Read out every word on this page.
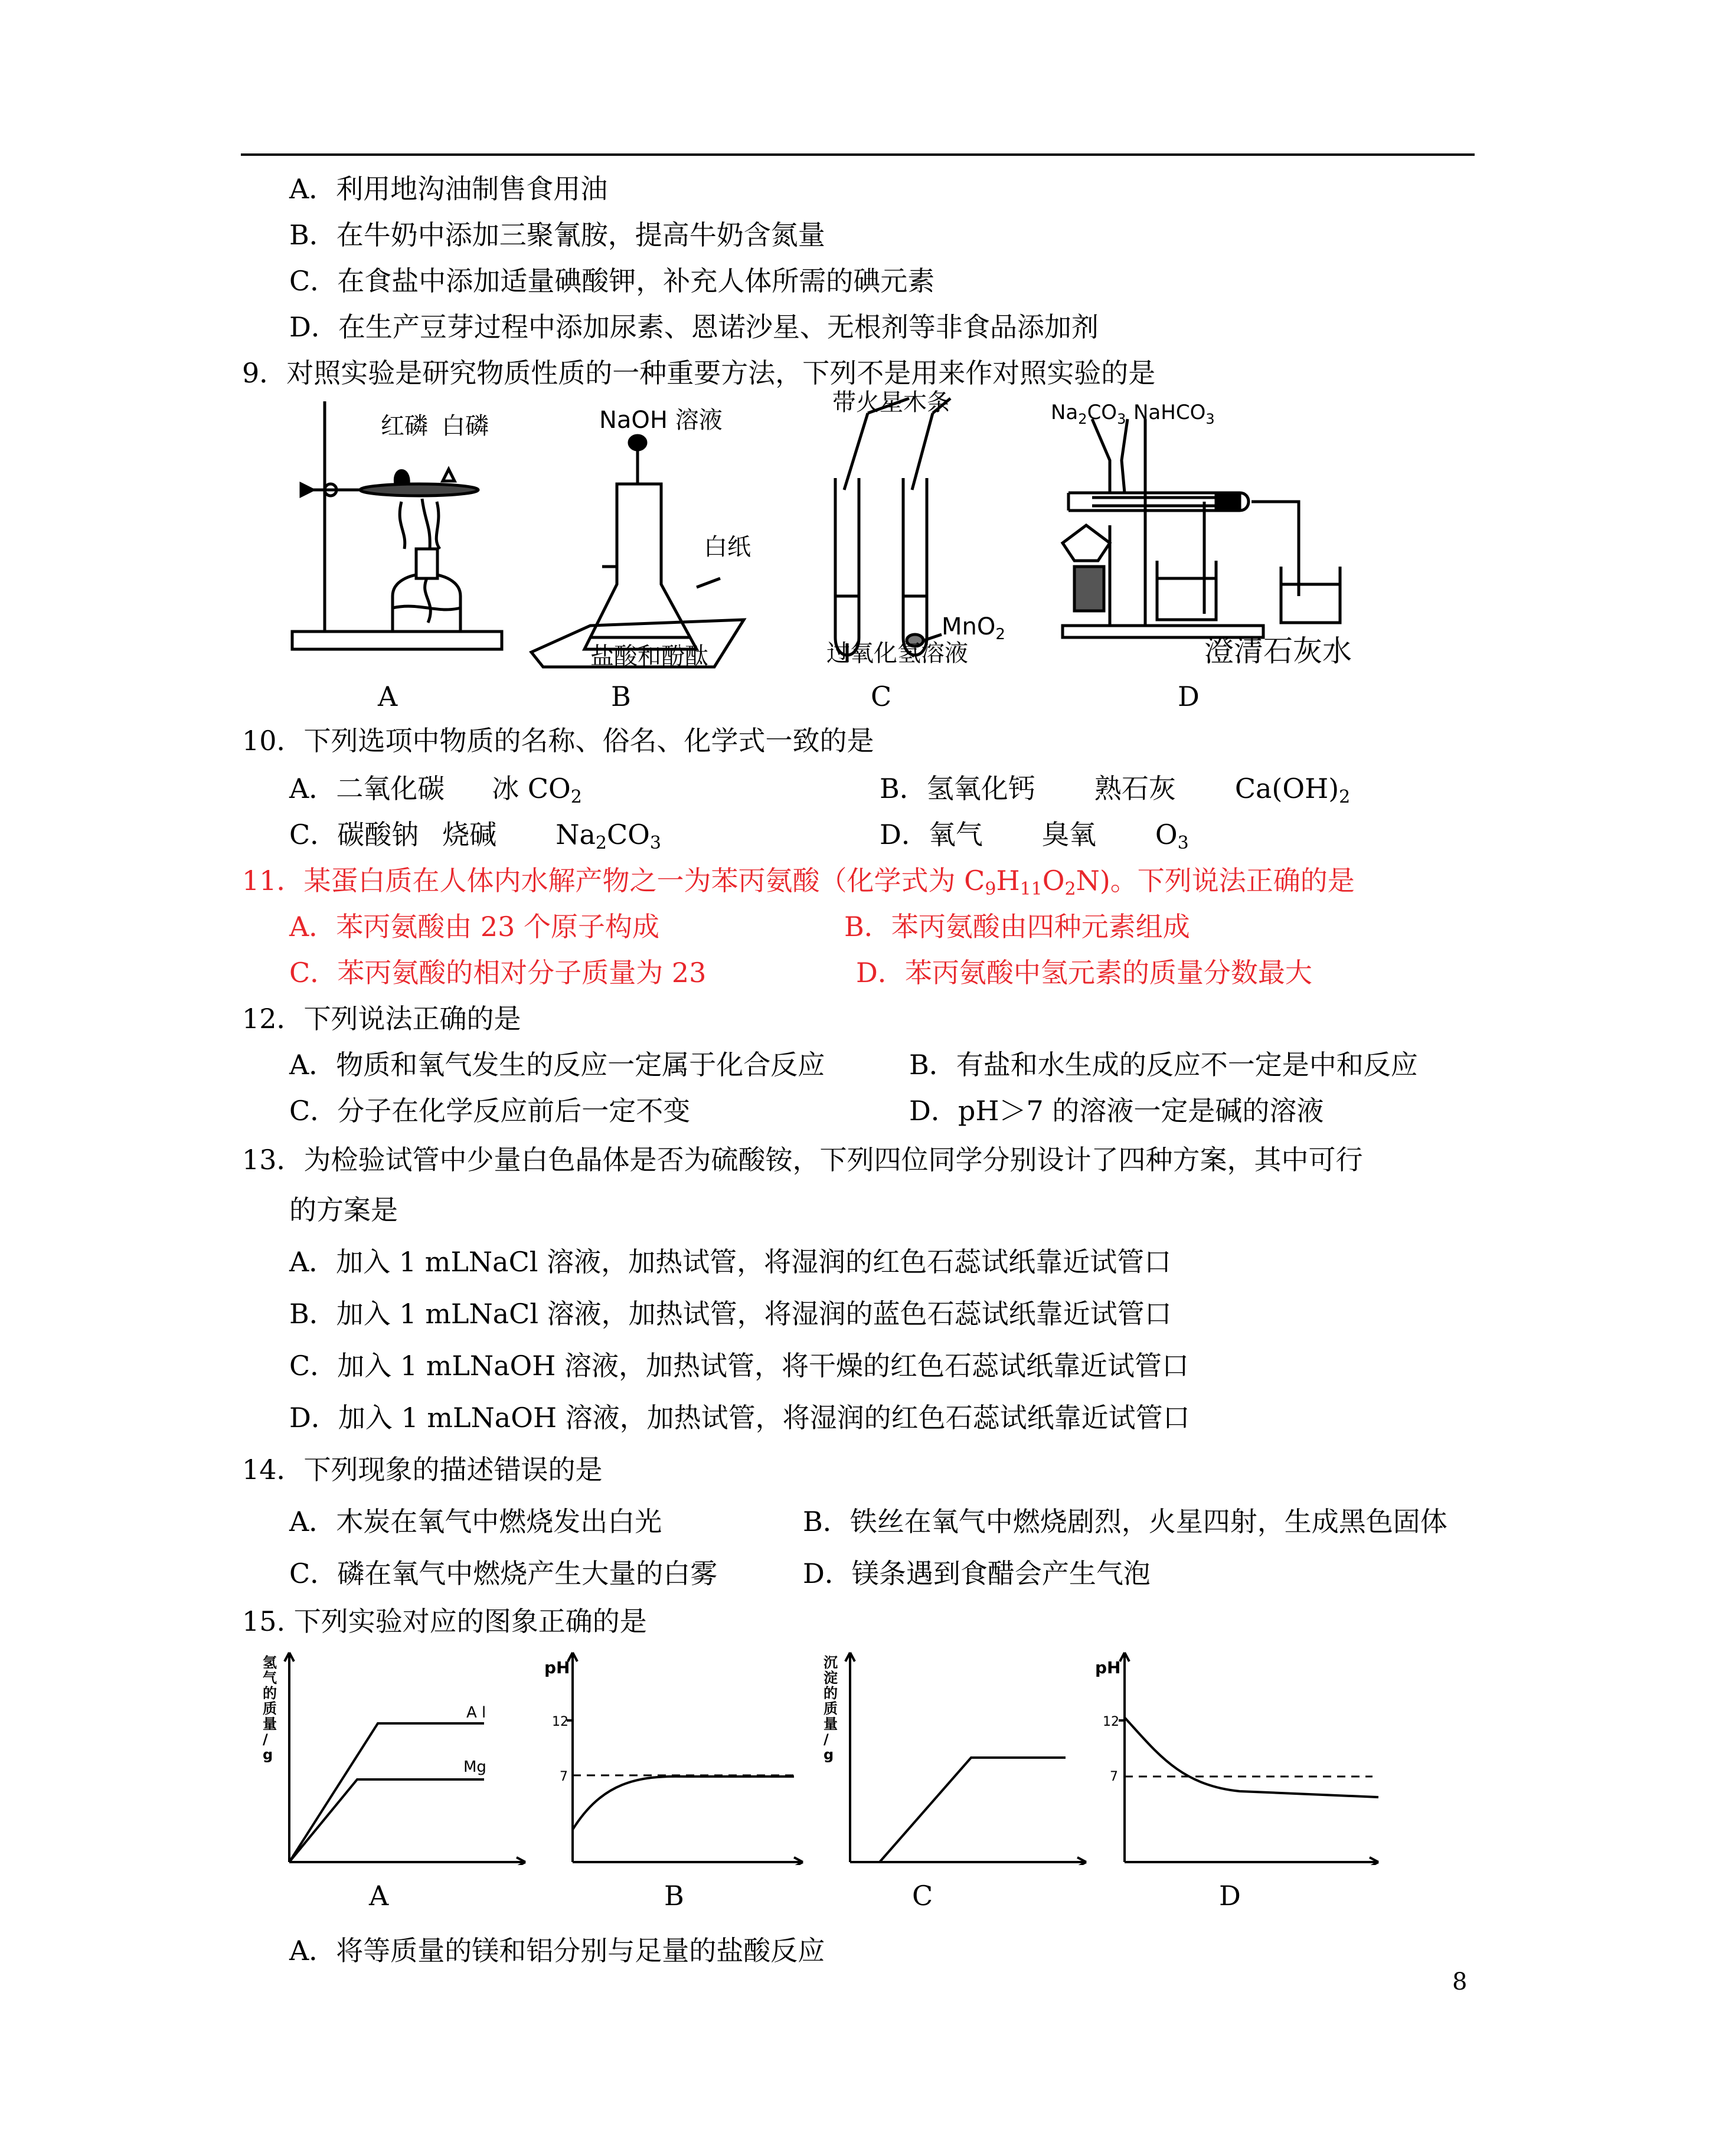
A．利用地沟油制售食用油
B．在牛奶中添加三聚氰胺，提高牛奶含氮量
C．在食盐中添加适量碘酸钾，补充人体所需的碘元素
D．在生产豆芽过程中添加尿素、恩诺沙星、无根剂等非食品添加剂
9．对照实验是研究物质性质的一种重要方法，下列不是用来作对照实验的是
红磷 白磷	NaOH 溶液
白纸
盐酸和酚酞
带火星木条
MnO$_2$
过氧化氢溶液
$Na_2CO_3$ NaHCO$_3$
澄清石灰水
A	B	C	D
10．下列选项中物质的名称、俗名、化学式一致的是
A．二氧化碳 冰 $CO_2$	B．氢氧化钙 熟石灰 $Ca(OH)_2$
C．碳酸钠 烧碱 $Na_2CO_3$	D．氧气 臭氧 $O_3$
11．某蛋白质在人体内水解产物之一为苯丙氨酸（化学式为 $C_9H_{11}O_2N$)。下列说法正确的是
A．苯丙氨酸由 23 个原子构成	B．苯丙氨酸由四种元素组成
C．苯丙氨酸的相对分子质量为 23	D．苯丙氨酸中氢元素的质量分数最大
12．下列说法正确的是
A．物质和氧气发生的反应一定属于化合反应	B．有盐和水生成的反应不一定是中和反应
C．分子在化学反应前后一定不变	D．pH＞7 的溶液一定是碱的溶液
13．为检验试管中少量白色晶体是否为硫酸铵，下列四位同学分别设计了四种方案，其中可行
的方案是
A．加入 1 mLNaCl 溶液，加热试管，将湿润的红色石蕊试纸靠近试管口
B．加入 1 mLNaCl 溶液，加热试管，将湿润的蓝色石蕊试纸靠近试管口
C．加入 1 mLNaOH 溶液，加热试管，将干燥的红色石蕊试纸靠近试管口
D．加入 1 mLNaOH 溶液，加热试管，将湿润的红色石蕊试纸靠近试管口
14．下列现象的描述错误的是
A．木炭在氧气中燃烧发出白光	B．铁丝在氧气中燃烧剧烈，火星四射，生成黑色固体
C．磷在氧气中燃烧产生大量的白雾	D．镁条遇到食醋会产生气泡
15. 下列实验对应的图象正确的是
氢 气 的 质 量 / g
A l
Mg
pH
12
7
沉 淀 的 质 量 / g
pH
12
7
A	B	C	D
A．将等质量的镁和铝分别与足量的盐酸反应
8
